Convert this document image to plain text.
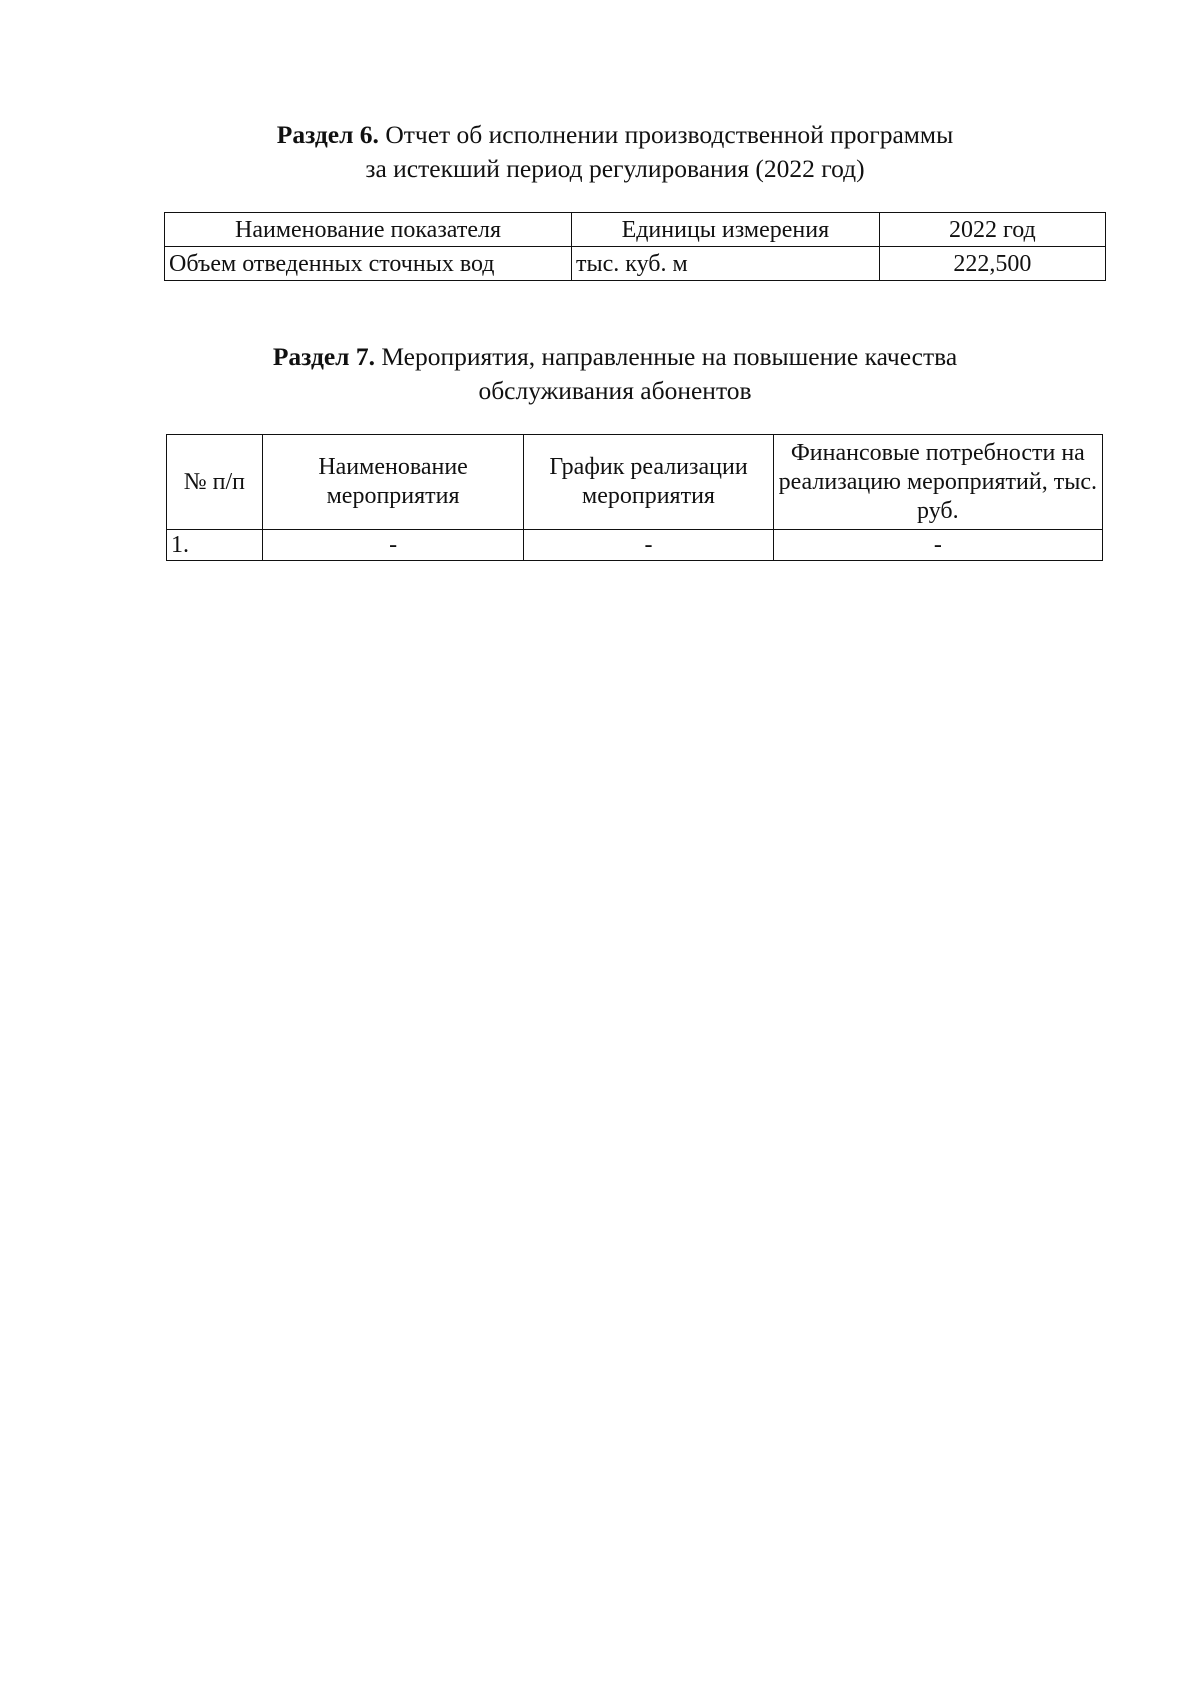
Раздел 6. Отчет об исполнении производственной программы
за истекший период регулирования (2022 год)
Наименование показателя	Единицы измерения	2022 год
Объем отведенных сточных вод	тыс. куб. м	222,500
Раздел 7. Мероприятия, направленные на повышение качества
обслуживания абонентов
№ п/п	Наименование мероприятия	График реализации мероприятия	Финансовые потребности на реализацию мероприятий, тыс. руб.
1.	-	-	-
